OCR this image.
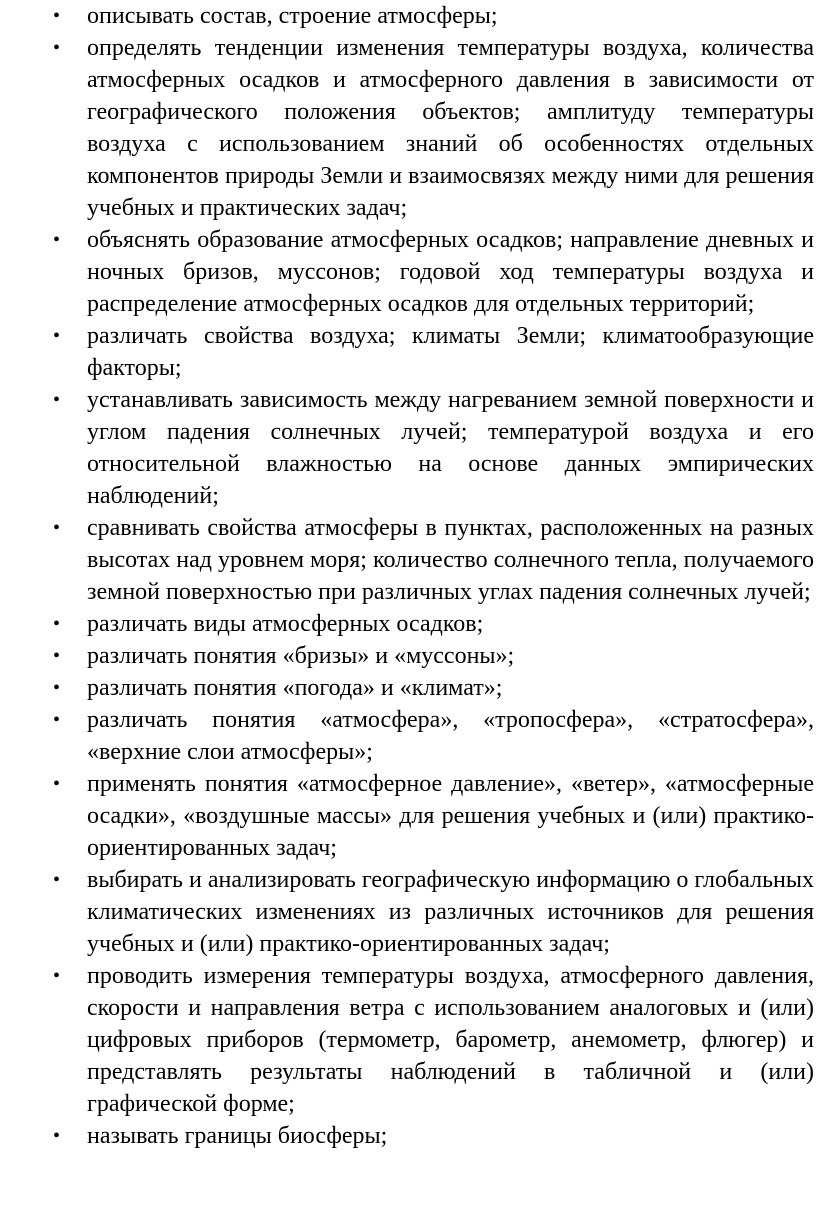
•	описывать состав, строение атмосферы;
•	определять тенденции изменения температуры воздуха, количества атмосферных осадков и атмосферного давления в зависимости от географического положения объектов; амплитуду температуры воздуха с использованием знаний об особенностях отдельных компонентов природы Земли и взаимосвязях между ними для решения учебных и практических задач;
•	объяснять образование атмосферных осадков; направление дневных и ночных бризов, муссонов; годовой ход температуры воздуха и распределение атмосферных осадков для отдельных территорий;
•	различать свойства воздуха; климаты Земли; климатообразующие факторы;
•	устанавливать зависимость между нагреванием земной поверхности и углом падения солнечных лучей; температурой воздуха и его относительной влажностью на основе данных эмпирических наблюдений;
•	сравнивать свойства атмосферы в пунктах, расположенных на разных высотах над уровнем моря; количество солнечного тепла, получаемого земной поверхностью при различных углах падения солнечных лучей;
•	различать виды атмосферных осадков;
•	различать понятия «бризы» и «муссоны»;
•	различать понятия «погода» и «климат»;
•	различать понятия «атмосфера», «тропосфера», «стратосфера», «верхние слои атмосферы»;
•	применять понятия «атмосферное давление», «ветер», «атмосферные осадки», «воздушные массы» для решения учебных и (или) практико-ориентированных задач;
•	выбирать и анализировать географическую информацию о глобальных климатических изменениях из различных источников для решения учебных и (или) практико-ориентированных задач;
•	проводить измерения температуры воздуха, атмосферного давления, скорости и направления ветра с использованием аналоговых и (или) цифровых приборов (термометр, барометр, анемометр, флюгер) и представлять результаты наблюдений в табличной и (или) графической форме;
•	называть границы биосферы;
